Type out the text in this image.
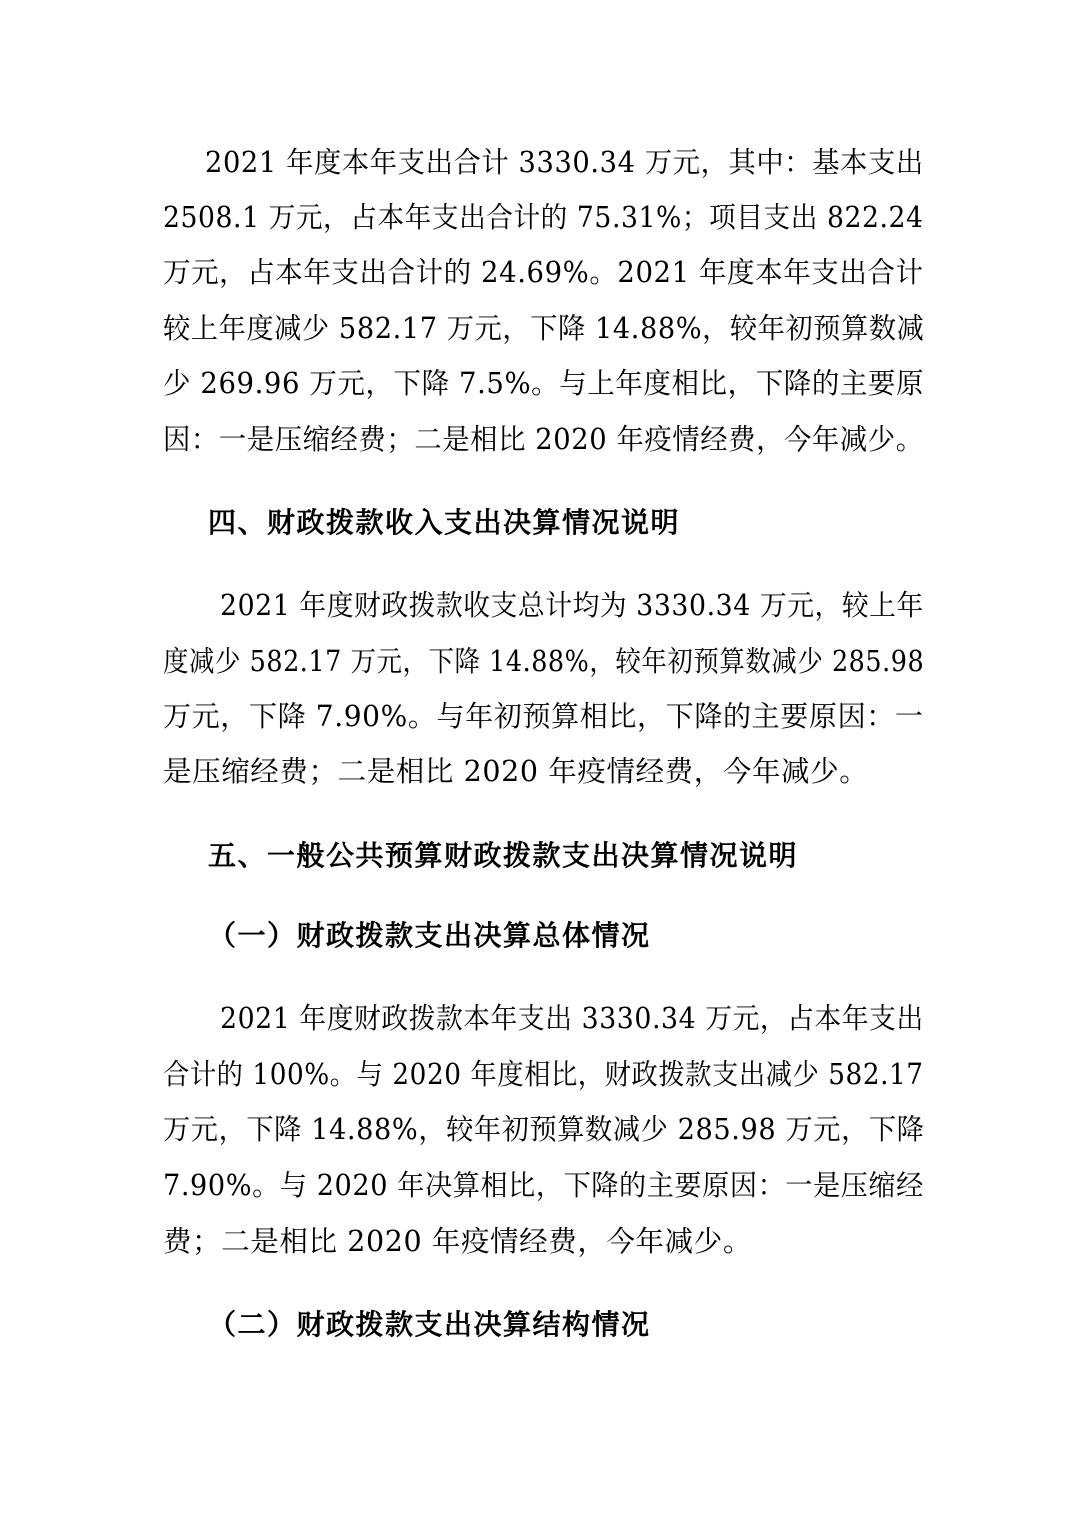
2021 年度本年支出合计 3330.34 万元，其中：基本支出
2508.1 万元，占本年支出合计的 75.31%；项目支出 822.24
万元，占本年支出合计的 24.69%。2021 年度本年支出合计
较上年度减少 582.17 万元，下降 14.88%，较年初预算数减
少 269.96 万元，下降 7.5%。与上年度相比，下降的主要原
因：一是压缩经费；二是相比 2020 年疫情经费，今年减少。
四、财政拨款收入支出决算情况说明
2021 年度财政拨款收支总计均为 3330.34 万元，较上年
度减少 582.17 万元，下降 14.88%，较年初预算数减少 285.98
万元，下降 7.90%。与年初预算相比，下降的主要原因：一
是压缩经费；二是相比 2020 年疫情经费，今年减少。
五、一般公共预算财政拨款支出决算情况说明
（一）财政拨款支出决算总体情况
2021 年度财政拨款本年支出 3330.34 万元，占本年支出
合计的 100%。与 2020 年度相比，财政拨款支出减少 582.17
万元，下降 14.88%，较年初预算数减少 285.98 万元，下降
7.90%。与 2020 年决算相比，下降的主要原因：一是压缩经
费；二是相比 2020 年疫情经费，今年减少。
（二）财政拨款支出决算结构情况
